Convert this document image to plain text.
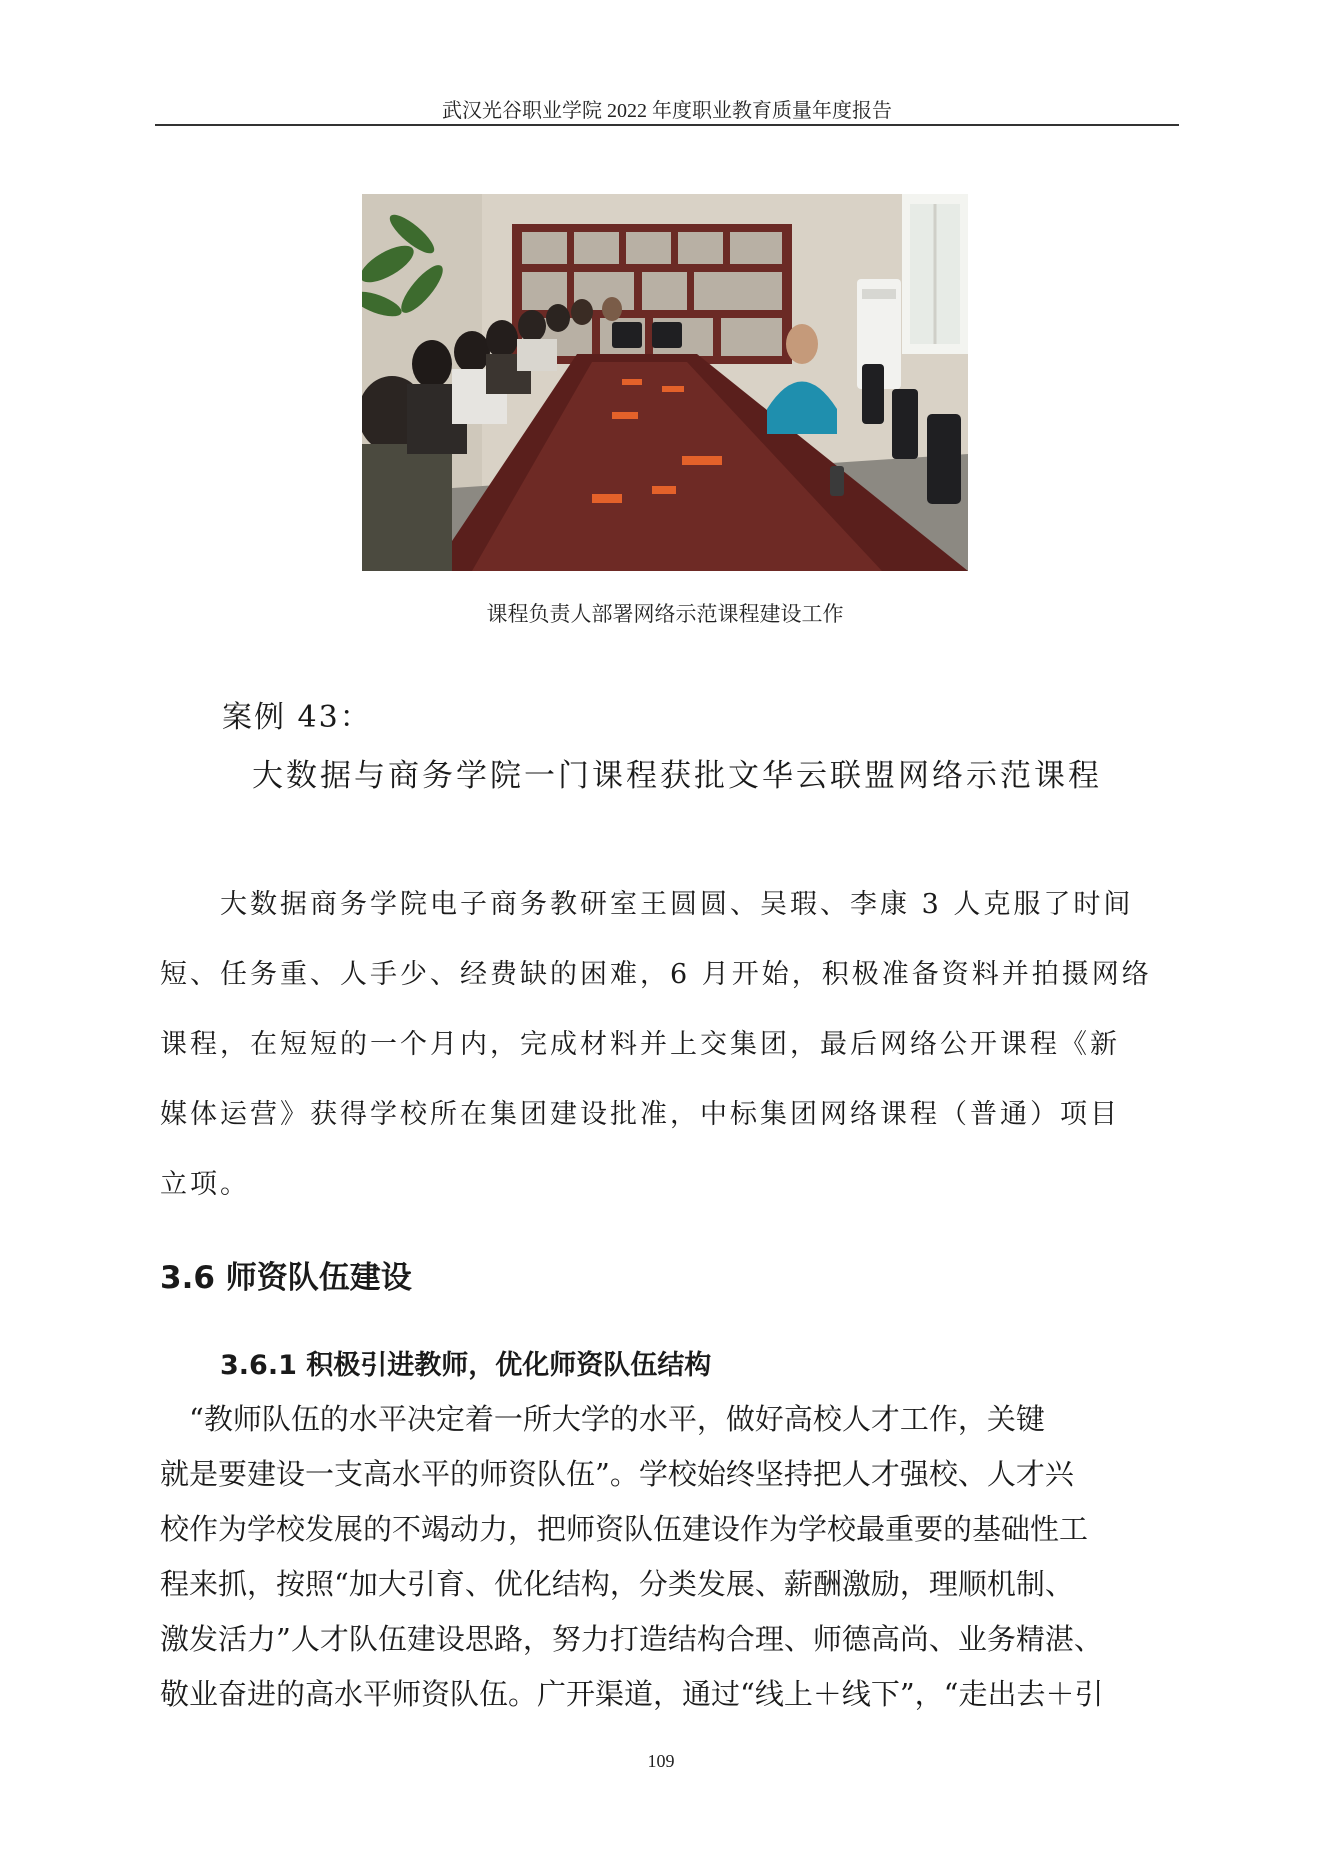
武汉光谷职业学院 2022 年度职业教育质量年度报告
课程负责人部署网络示范课程建设工作
案例 43：
大数据与商务学院一门课程获批文华云联盟网络示范课程
　　大数据商务学院电子商务教研室王圆圆、吴瑕、李康 3 人克服了时间
短、任务重、人手少、经费缺的困难，6 月开始，积极准备资料并拍摄网络
课程，在短短的一个月内，完成材料并上交集团，最后网络公开课程《新
媒体运营》获得学校所在集团建设批准，中标集团网络课程（普通）项目
立项。
3.6 师资队伍建设
3.6.1 积极引进教师，优化师资队伍结构
　“教师队伍的水平决定着一所大学的水平，做好高校人才工作，关键
就是要建设一支高水平的师资队伍”。学校始终坚持把人才强校、人才兴
校作为学校发展的不竭动力，把师资队伍建设作为学校最重要的基础性工
程来抓，按照“加大引育、优化结构，分类发展、薪酬激励，理顺机制、
激发活力”人才队伍建设思路，努力打造结构合理、师德高尚、业务精湛、
敬业奋进的高水平师资队伍。广开渠道，通过“线上＋线下”，“走出去＋引
109
